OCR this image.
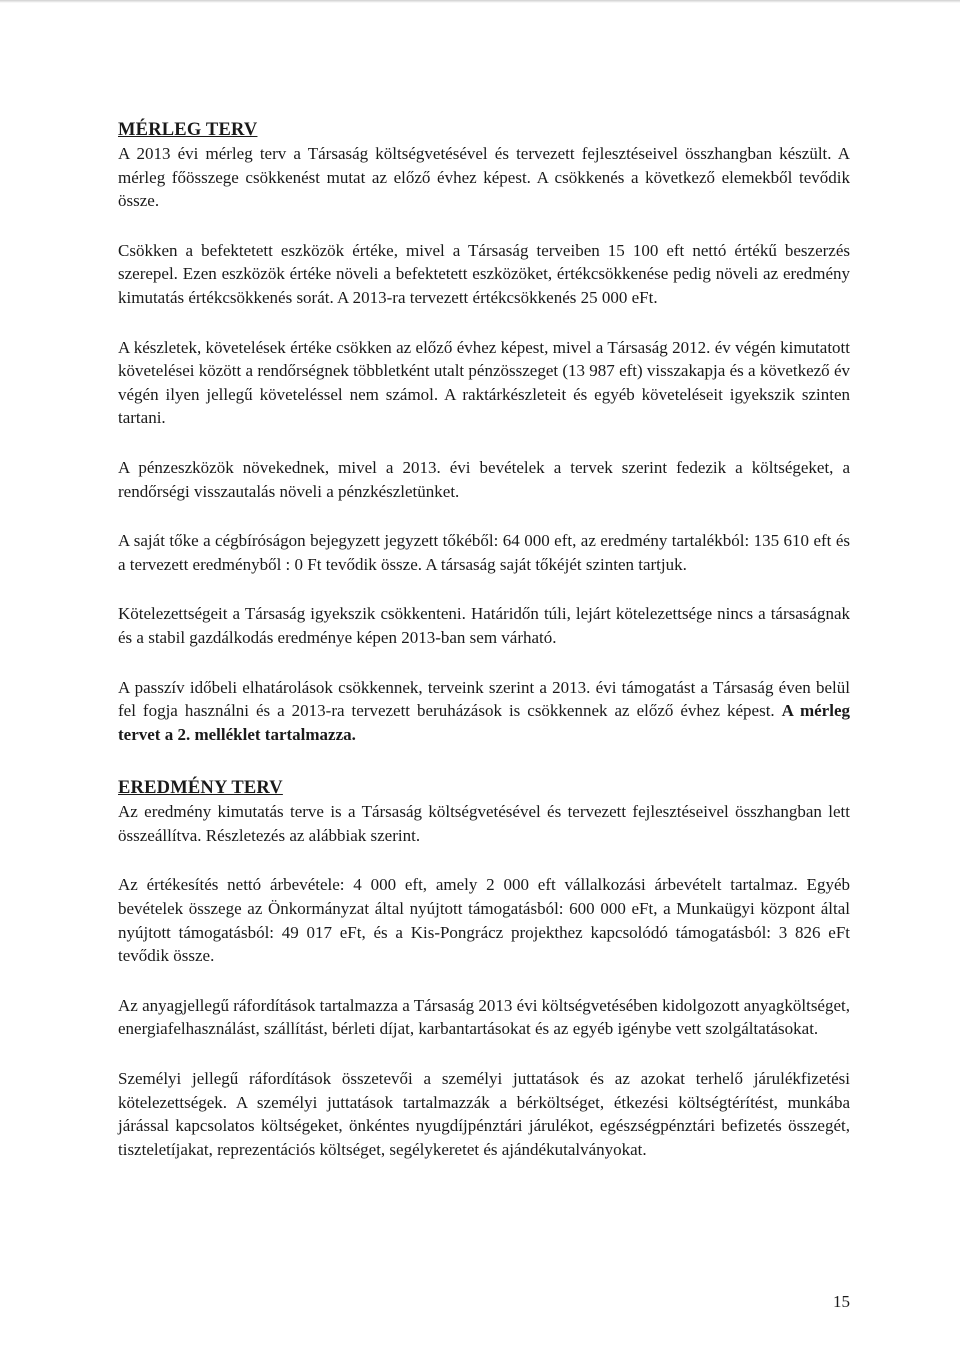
MÉRLEG TERV

A 2013 évi mérleg terv a Társaság költségvetésével és tervezett fejlesztéseivel összhangban készült. A mérleg főösszege csökkenést mutat az előző évhez képest. A csökkenés a következő elemekből tevődik össze.

Csökken a befektetett eszközök értéke, mivel a Társaság terveiben 15 100 eft nettó értékű beszerzés szerepel. Ezen eszközök értéke növeli a befektetett eszközöket, értékcsökkenése pedig növeli az eredmény kimutatás értékcsökkenés sorát. A 2013-ra tervezett értékcsökkenés 25 000 eFt.

A készletek, követelések értéke csökken az előző évhez képest, mivel a Társaság 2012. év végén kimutatott követelései között a rendőrségnek többletként utalt pénzösszeget (13 987 eft) visszakapja és a következő év végén ilyen jellegű követeléssel nem számol. A raktárkészleteit és egyéb követeléseit igyekszik szinten tartani.

A pénzeszközök növekednek, mivel a 2013. évi bevételek a tervek szerint fedezik a költségeket, a rendőrségi visszautalás növeli a pénzkészletünket.

A saját tőke a cégbíróságon bejegyzett jegyzett tőkéből: 64 000 eft, az eredmény tartalékból: 135 610 eft és a tervezett eredményből : 0 Ft tevődik össze. A társaság saját tőkéjét szinten tartjuk.

Kötelezettségeit a Társaság igyekszik csökkenteni. Határidőn túli, lejárt kötelezettsége nincs a társaságnak és a stabil gazdálkodás eredménye képen 2013-ban sem várható.

A passzív időbeli elhatárolások csökkennek, terveink szerint a 2013. évi támogatást a Társaság éven belül fel fogja használni és a 2013-ra tervezett beruházások is csökkennek az előző évhez képest. A mérleg tervet a 2. melléklet tartalmazza.

EREDMÉNY TERV

Az eredmény kimutatás terve is a Társaság költségvetésével és tervezett fejlesztéseivel összhangban lett összeállítva. Részletezés az alábbiak szerint.

Az értékesítés nettó árbevétele: 4 000 eft, amely 2 000 eft vállalkozási árbevételt tartalmaz. Egyéb bevételek összege az Önkormányzat által nyújtott támogatásból: 600 000 eFt, a Munkaügyi központ által nyújtott támogatásból: 49 017 eFt, és a Kis-Pongrácz projekthez kapcsolódó támogatásból: 3 826 eFt tevődik össze.

Az anyagjellegű ráfordítások tartalmazza a Társaság 2013 évi költségvetésében kidolgozott anyagköltséget, energiafelhasználást, szállítást, bérleti díjat, karbantartásokat és az egyéb igénybe vett szolgáltatásokat.

Személyi jellegű ráfordítások összetevői a személyi juttatások és az azokat terhelő járulékfizetési kötelezettségek. A személyi juttatások tartalmazzák a bérköltséget, étkezési költségtérítést, munkába járással kapcsolatos költségeket, önkéntes nyugdíjpénztári járulékot, egészségpénztári befizetés összegét, tiszteletíjakat, reprezentációs költséget, segélykeretet és ajándékutalványokat.

15
